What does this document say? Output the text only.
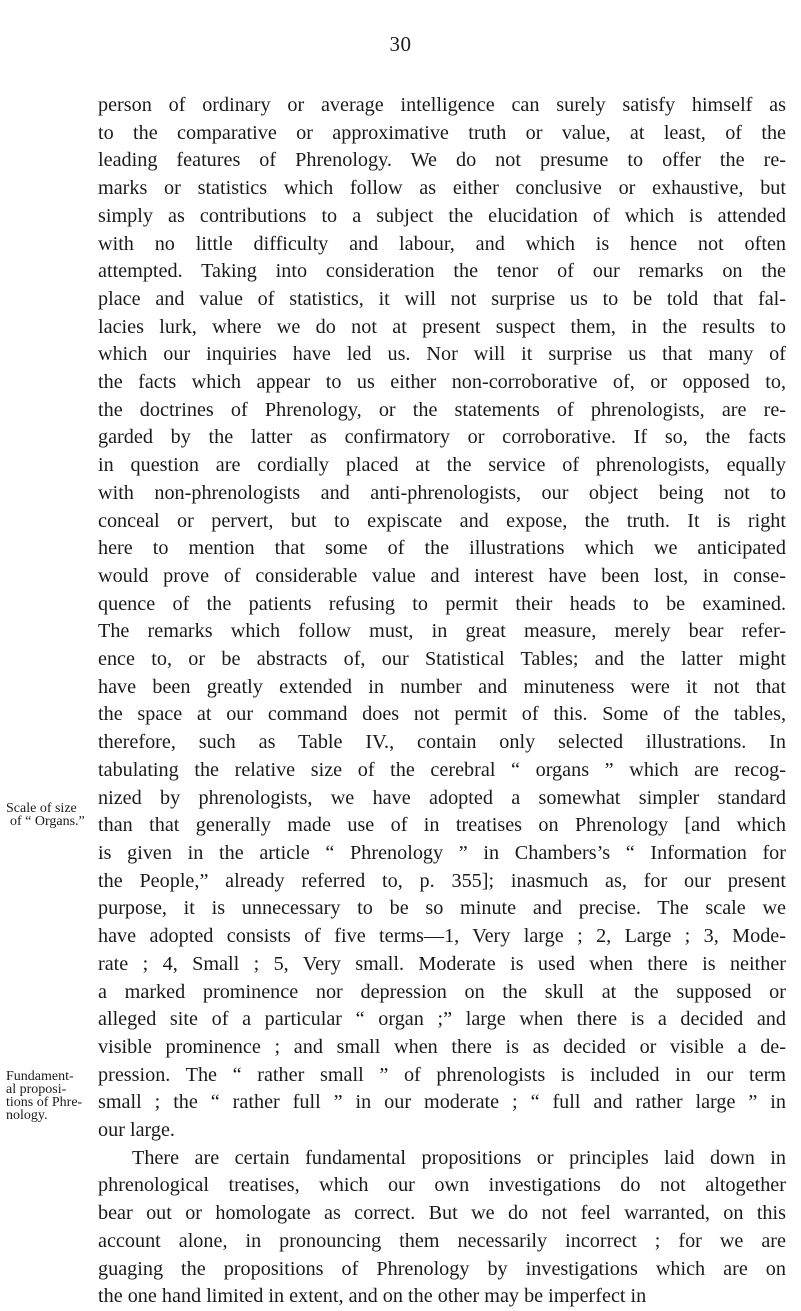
30
Scale of size
of “ Organs.”
Fundament-
al proposi-
tions of Phre-
nology.
person of ordinary or average intelligence can surely satisfy himself as
to the comparative or approximative truth or value, at least, of the
leading features of Phrenology. We do not presume to offer the re-
marks or statistics which follow as either conclusive or exhaustive, but
simply as contributions to a subject the elucidation of which is attended
with no little difficulty and labour, and which is hence not often
attempted. Taking into consideration the tenor of our remarks on the
place and value of statistics, it will not surprise us to be told that fal-
lacies lurk, where we do not at present suspect them, in the results to
which our inquiries have led us. Nor will it surprise us that many of
the facts which appear to us either non-corroborative of, or opposed to,
the doctrines of Phrenology, or the statements of phrenologists, are re-
garded by the latter as confirmatory or corroborative. If so, the facts
in question are cordially placed at the service of phrenologists, equally
with non-phrenologists and anti-phrenologists, our object being not to
conceal or pervert, but to expiscate and expose, the truth. It is right
here to mention that some of the illustrations which we anticipated
would prove of considerable value and interest have been lost, in conse-
quence of the patients refusing to permit their heads to be examined.
The remarks which follow must, in great measure, merely bear refer-
ence to, or be abstracts of, our Statistical Tables; and the latter might
have been greatly extended in number and minuteness were it not that
the space at our command does not permit of this. Some of the tables,
therefore, such as Table IV., contain only selected illustrations. In
tabulating the relative size of the cerebral “ organs ” which are recog-
nized by phrenologists, we have adopted a somewhat simpler standard
than that generally made use of in treatises on Phrenology [and which
is given in the article “ Phrenology ” in Chambers’s “ Information for
the People,” already referred to, p. 355]; inasmuch as, for our present
purpose, it is unnecessary to be so minute and precise. The scale we
have adopted consists of five terms—1, Very large ; 2, Large ; 3, Mode-
rate ; 4, Small ; 5, Very small. Moderate is used when there is neither
a marked prominence nor depression on the skull at the supposed or
alleged site of a particular “ organ ;” large when there is a decided and
visible prominence ; and small when there is as decided or visible a de-
pression. The “ rather small ” of phrenologists is included in our term
small ; the “ rather full ” in our moderate ; “ full and rather large ” in
our large.
There are certain fundamental propositions or principles laid down in
phrenological treatises, which our own investigations do not altogether
bear out or homologate as correct. But we do not feel warranted, on this
account alone, in pronouncing them necessarily incorrect ; for we are
guaging the propositions of Phrenology by investigations which are on
the one hand limited in extent, and on the other may be imperfect in
